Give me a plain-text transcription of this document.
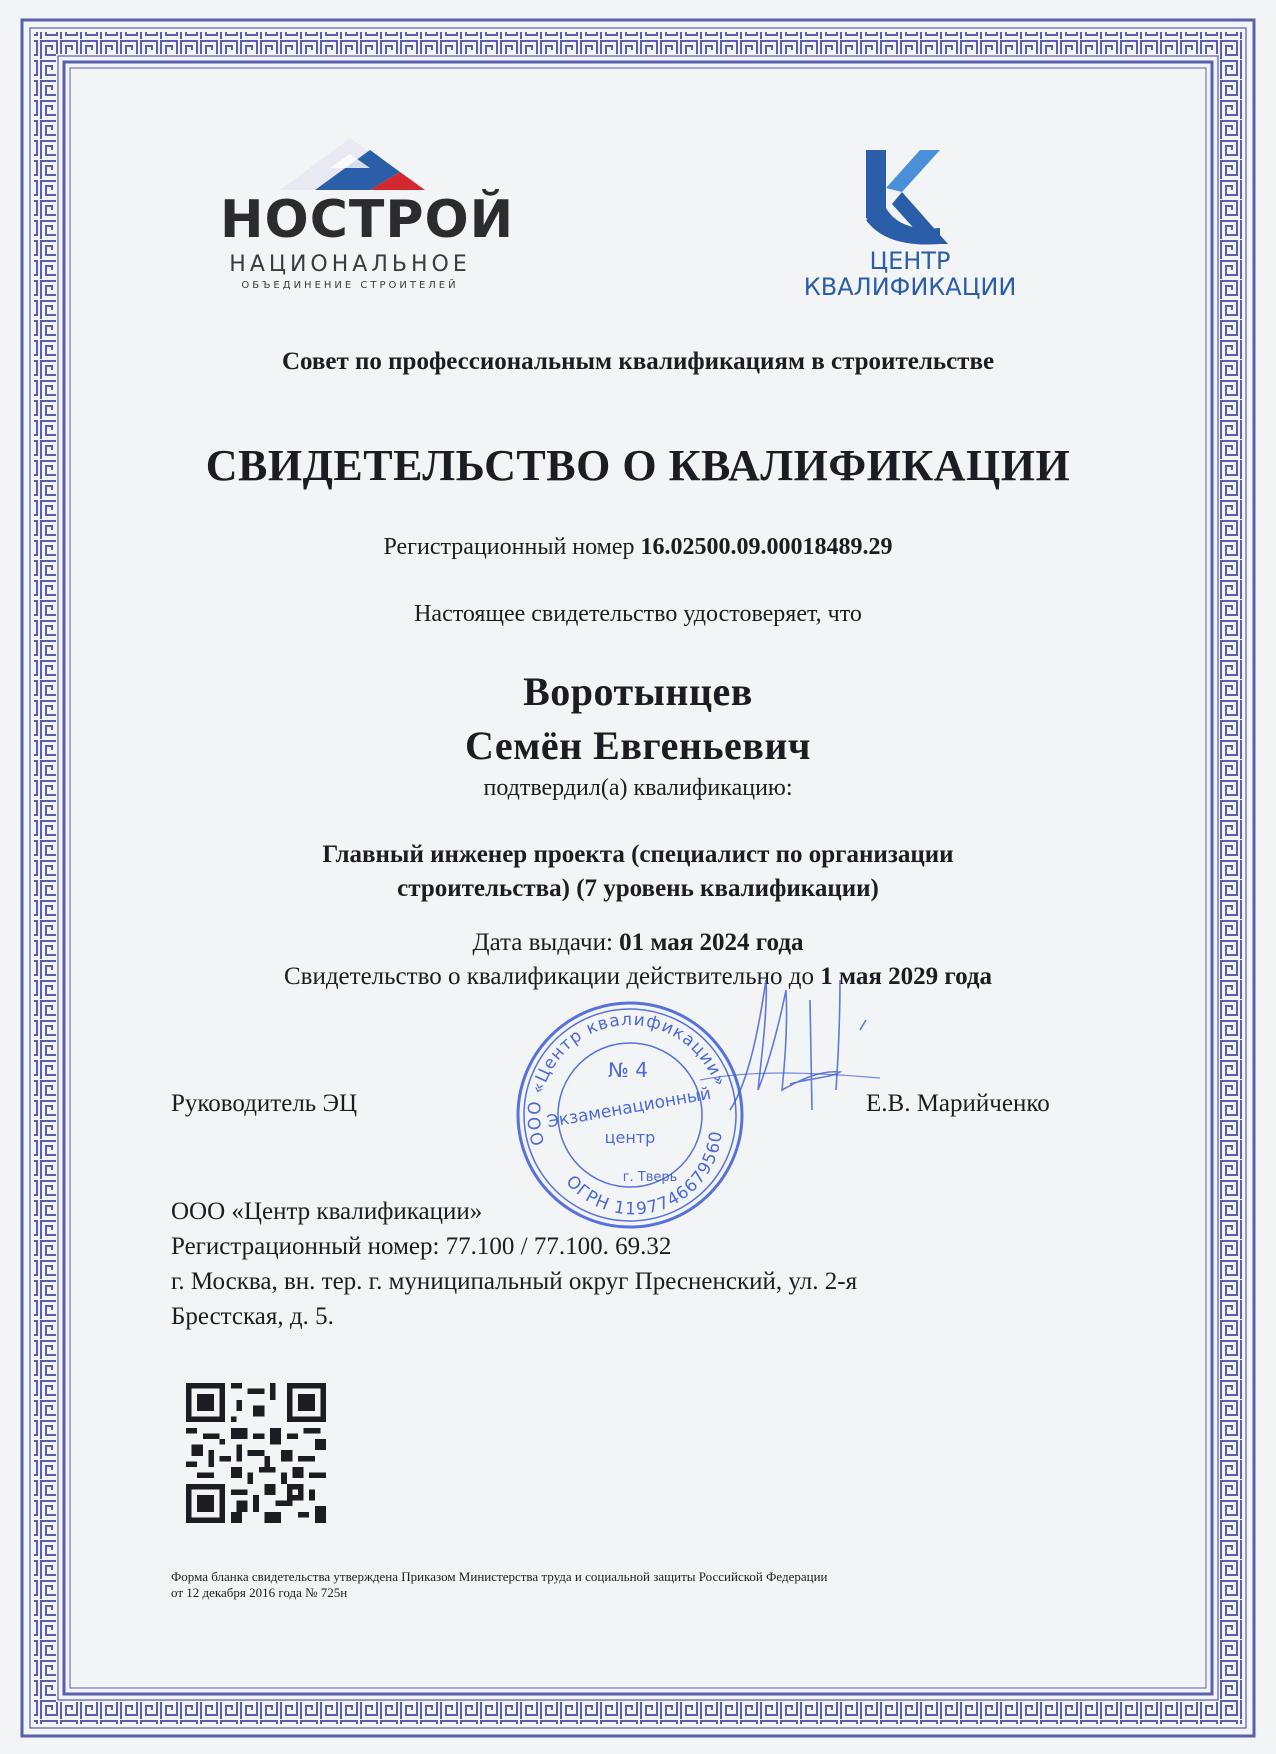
НОСТРОЙ
НАЦИОНАЛЬНОЕ
ОБЪЕДИНЕНИЕ СТРОИТЕЛЕЙ
ЦЕНТР
КВАЛИФИКАЦИИ
Совет по профессиональным квалификациям в строительстве
СВИДЕТЕЛЬСТВО О КВАЛИФИКАЦИИ
Регистрационный номер 16.02500.09.00018489.29
Настоящее свидетельство удостоверяет, что
Воротынцев
Семён Евгеньевич
подтвердил(а) квалификацию:
Главный инженер проекта (специалист по организации
строительства) (7 уровень квалификации)
Дата выдачи: 01 мая 2024 года
Свидетельство о квалификации действительно до 1 мая 2029 года
ООО «Центр квалификации»
ОГРН 1197746679560
№ 4
Экзаменационный
центр
г. Тверь
Руководитель ЭЦ	Е.В. Марийченко
ООО «Центр квалификации»
Регистрационный номер: 77.100 / 77.100. 69.32
г. Москва, вн. тер. г. муниципальный округ Пресненский, ул. 2-я
Брестская, д. 5.
Форма бланка свидетельства утверждена Приказом Министерства труда и социальной защиты Российской Федерации
от 12 декабря 2016 года № 725н
